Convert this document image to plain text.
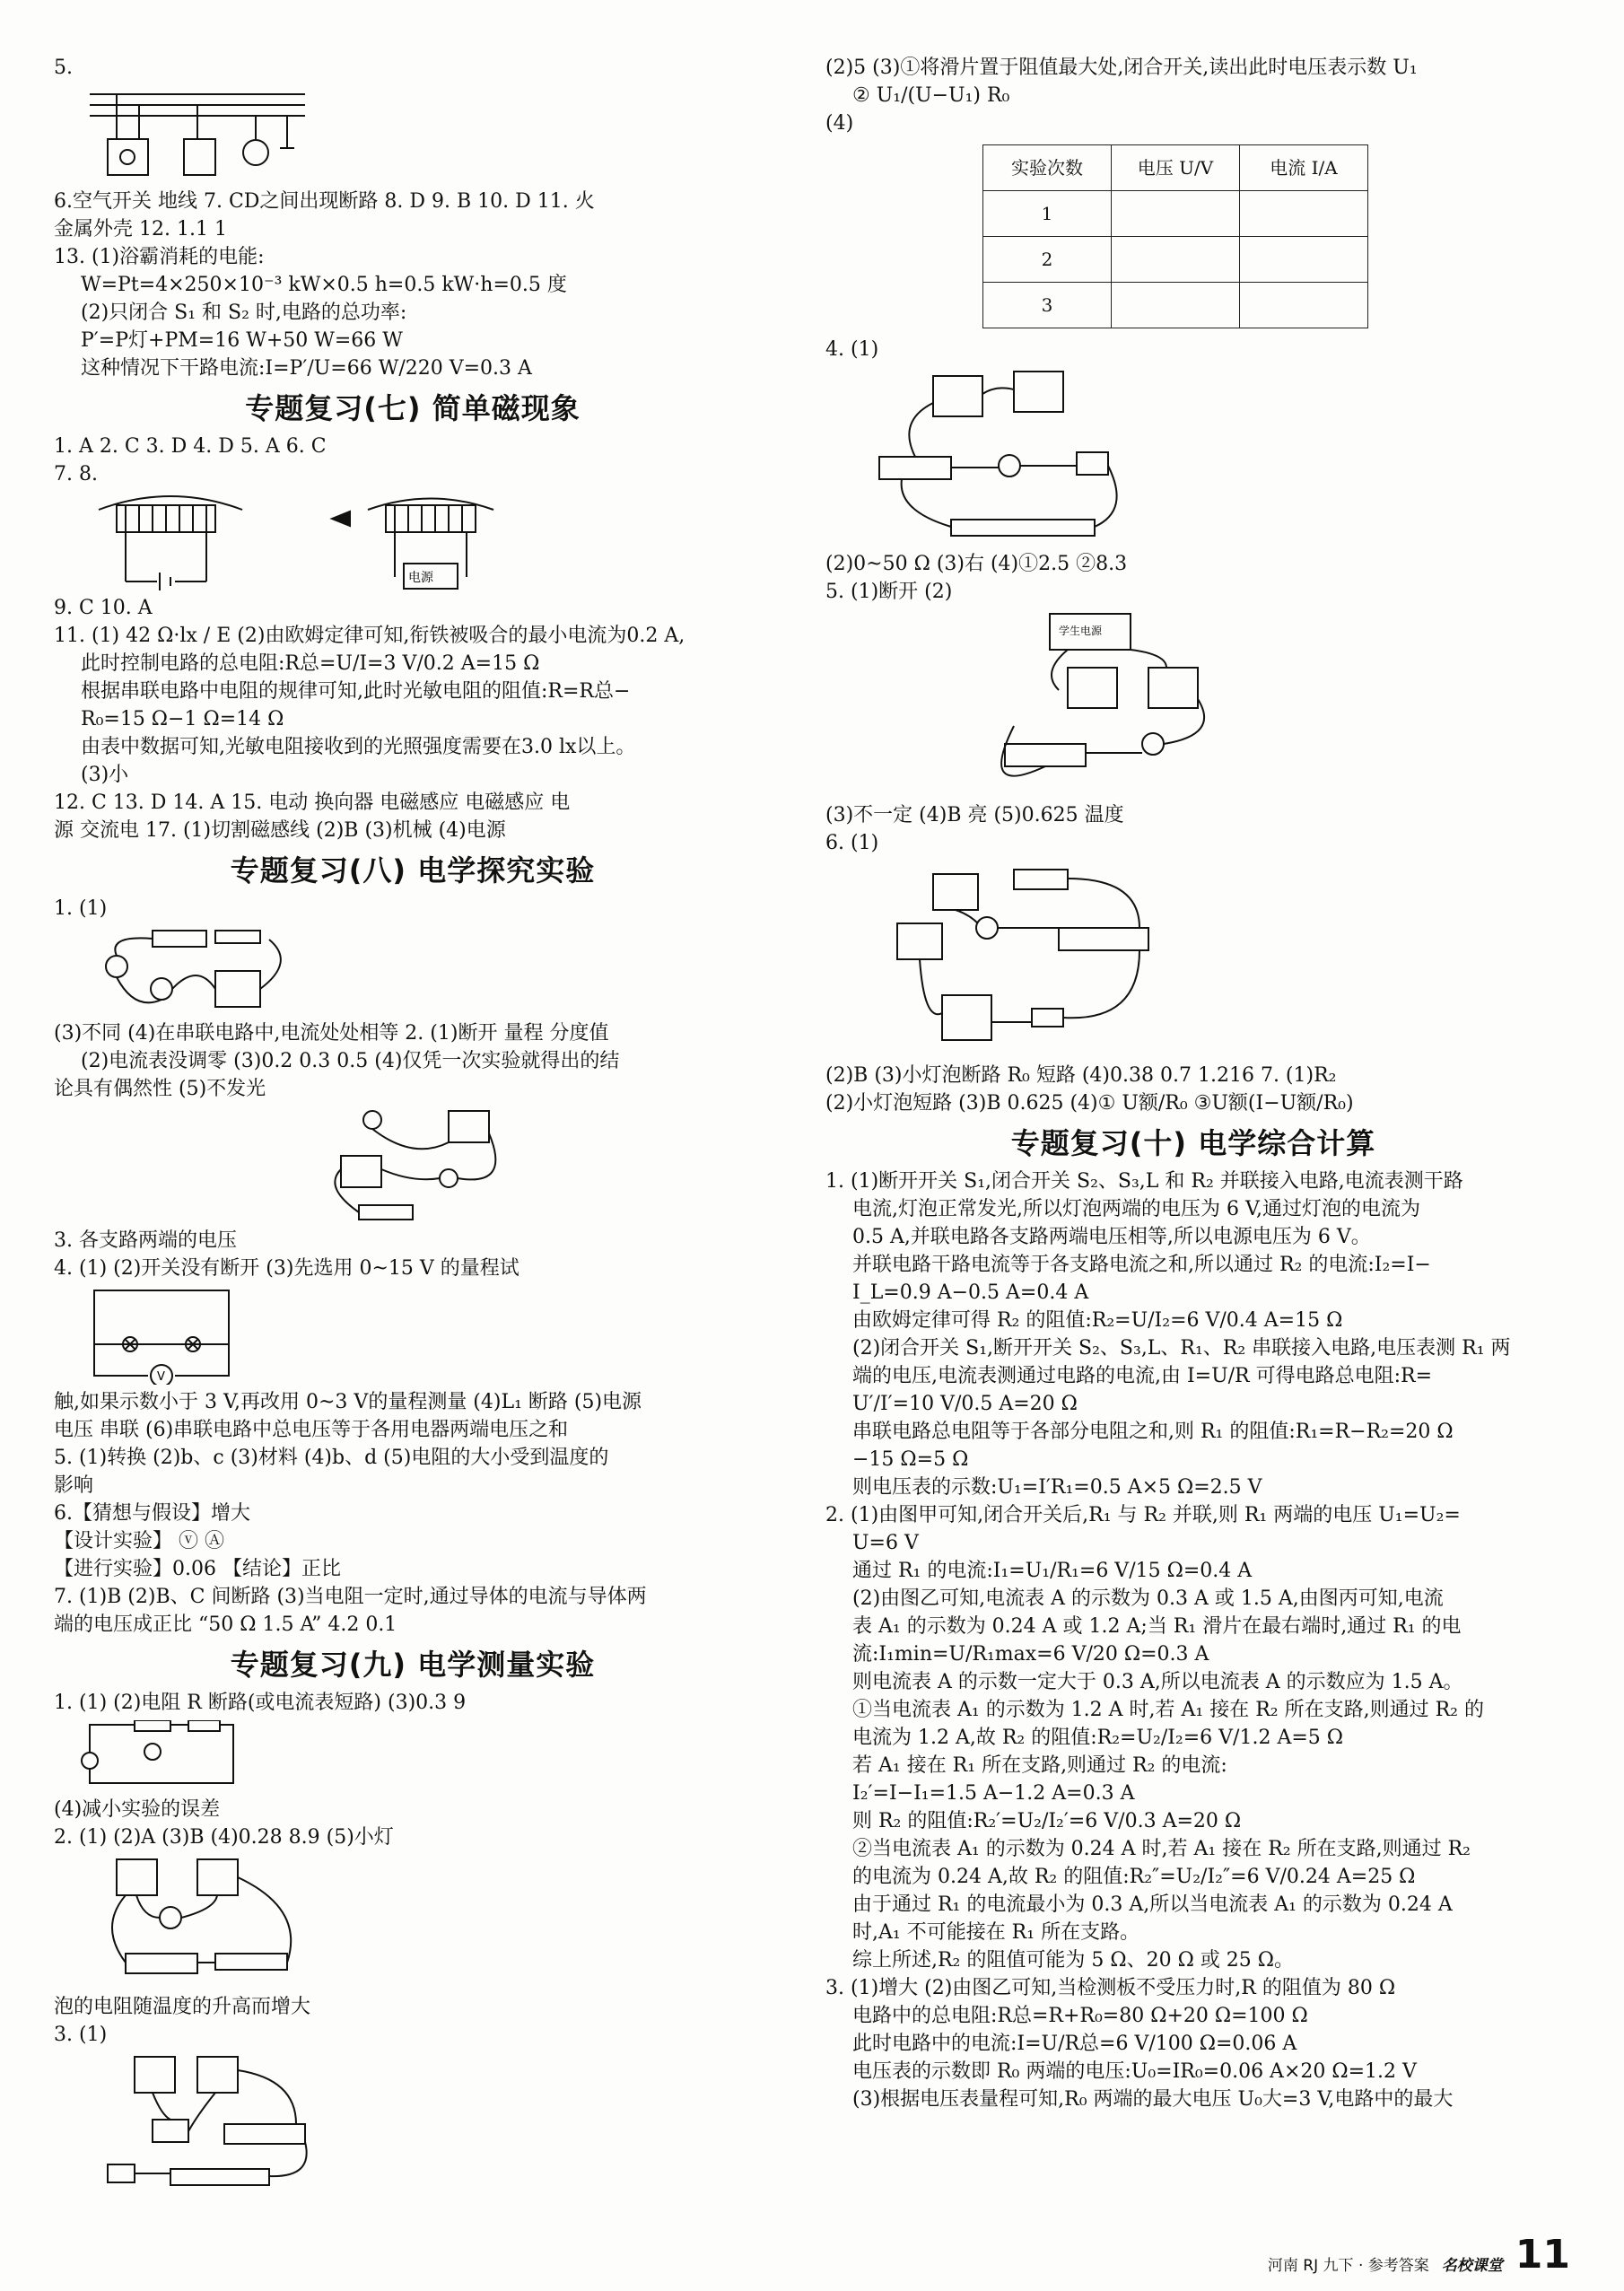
5.
6.空气开关 地线 7. CD之间出现断路 8. D 9. B 10. D 11. 火
金属外壳 12. 1.1 1
13. (1)浴霸消耗的电能:
W=Pt=4×250×10⁻³ kW×0.5 h=0.5 kW·h=0.5 度
(2)只闭合 S₁ 和 S₂ 时,电路的总功率:
P′=P灯+PM=16 W+50 W=66 W
这种情况下干路电流:I=P′/U=66 W/220 V=0.3 A
专题复习(七) 简单磁现象
1. A 2. C 3. D 4. D 5. A 6. C
7. 8.
电源
9. C 10. A
11. (1) 42 Ω·lx / E (2)由欧姆定律可知,衔铁被吸合的最小电流为0.2 A,
此时控制电路的总电阻:R总=U/I=3 V/0.2 A=15 Ω
根据串联电路中电阻的规律可知,此时光敏电阻的阻值:R=R总−
R₀=15 Ω−1 Ω=14 Ω
由表中数据可知,光敏电阻接收到的光照强度需要在3.0 lx以上。
(3)小
12. C 13. D 14. A 15. 电动 换向器 电磁感应 电磁感应 电
源 交流电 17. (1)切割磁感线 (2)B (3)机械 (4)电源
专题复习(八) 电学探究实验
1. (1)
(3)不同 (4)在串联电路中,电流处处相等 2. (1)断开 量程 分度值
(2)电流表没调零 (3)0.2 0.3 0.5 (4)仅凭一次实验就得出的结
论具有偶然性 (5)不发光
3. 各支路两端的电压
4. (1) (2)开关没有断开 (3)先选用 0~15 V 的量程试
V
触,如果示数小于 3 V,再改用 0~3 V的量程测量 (4)L₁ 断路 (5)电源
电压 串联 (6)串联电路中总电压等于各用电器两端电压之和
5. (1)转换 (2)b、c (3)材料 (4)b、d (5)电阻的大小受到温度的
影响
6.【猜想与假设】增大
【设计实验】 ⓥ Ⓐ
【进行实验】0.06 【结论】正比
7. (1)B (2)B、C 间断路 (3)当电阻一定时,通过导体的电流与导体两
端的电压成正比 “50 Ω 1.5 A” 4.2 0.1
专题复习(九) 电学测量实验
1. (1) (2)电阻 R 断路(或电流表短路) (3)0.3 9
(4)减小实验的误差
2. (1) (2)A (3)B (4)0.28 8.9 (5)小灯
泡的电阻随温度的升高而增大
3. (1)
(2)5 (3)①将滑片置于阻值最大处,闭合开关,读出此时电压表示数 U₁
② U₁/(U−U₁) R₀
(4)
实验次数	电压 U/V	电流 I/A
1		
2		
3		
4. (1)
(2)0~50 Ω (3)右 (4)①2.5 ②8.3
5. (1)断开 (2)
学生电源
(3)不一定 (4)B 亮 (5)0.625 温度
6. (1)
(2)B (3)小灯泡断路 R₀ 短路 (4)0.38 0.7 1.216 7. (1)R₂
(2)小灯泡短路 (3)B 0.625 (4)① U额/R₀ ③U额(I−U额/R₀)
专题复习(十) 电学综合计算
1. (1)断开开关 S₁,闭合开关 S₂、S₃,L 和 R₂ 并联接入电路,电流表测干路
电流,灯泡正常发光,所以灯泡两端的电压为 6 V,通过灯泡的电流为
0.5 A,并联电路各支路两端电压相等,所以电源电压为 6 V。
并联电路干路电流等于各支路电流之和,所以通过 R₂ 的电流:I₂=I−
I_L=0.9 A−0.5 A=0.4 A
由欧姆定律可得 R₂ 的阻值:R₂=U/I₂=6 V/0.4 A=15 Ω
(2)闭合开关 S₁,断开开关 S₂、S₃,L、R₁、R₂ 串联接入电路,电压表测 R₁ 两
端的电压,电流表测通过电路的电流,由 I=U/R 可得电路总电阻:R=
U′/I′=10 V/0.5 A=20 Ω
串联电路总电阻等于各部分电阻之和,则 R₁ 的阻值:R₁=R−R₂=20 Ω
−15 Ω=5 Ω
则电压表的示数:U₁=I′R₁=0.5 A×5 Ω=2.5 V
2. (1)由图甲可知,闭合开关后,R₁ 与 R₂ 并联,则 R₁ 两端的电压 U₁=U₂=
U=6 V
通过 R₁ 的电流:I₁=U₁/R₁=6 V/15 Ω=0.4 A
(2)由图乙可知,电流表 A 的示数为 0.3 A 或 1.5 A,由图丙可知,电流
表 A₁ 的示数为 0.24 A 或 1.2 A;当 R₁ 滑片在最右端时,通过 R₁ 的电
流:I₁min=U/R₁max=6 V/20 Ω=0.3 A
则电流表 A 的示数一定大于 0.3 A,所以电流表 A 的示数应为 1.5 A。
①当电流表 A₁ 的示数为 1.2 A 时,若 A₁ 接在 R₂ 所在支路,则通过 R₂ 的
电流为 1.2 A,故 R₂ 的阻值:R₂=U₂/I₂=6 V/1.2 A=5 Ω
若 A₁ 接在 R₁ 所在支路,则通过 R₂ 的电流:
I₂′=I−I₁=1.5 A−1.2 A=0.3 A
则 R₂ 的阻值:R₂′=U₂/I₂′=6 V/0.3 A=20 Ω
②当电流表 A₁ 的示数为 0.24 A 时,若 A₁ 接在 R₂ 所在支路,则通过 R₂
的电流为 0.24 A,故 R₂ 的阻值:R₂″=U₂/I₂″=6 V/0.24 A=25 Ω
由于通过 R₁ 的电流最小为 0.3 A,所以当电流表 A₁ 的示数为 0.24 A
时,A₁ 不可能接在 R₁ 所在支路。
综上所述,R₂ 的阻值可能为 5 Ω、20 Ω 或 25 Ω。
3. (1)增大 (2)由图乙可知,当检测板不受压力时,R 的阻值为 80 Ω
电路中的总电阻:R总=R+R₀=80 Ω+20 Ω=100 Ω
此时电路中的电流:I=U/R总=6 V/100 Ω=0.06 A
电压表的示数即 R₀ 两端的电压:U₀=IR₀=0.06 A×20 Ω=1.2 V
(3)根据电压表量程可知,R₀ 两端的最大电压 U₀大=3 V,电路中的最大
河南 RJ 九下 · 参考答案 名校课堂 11
